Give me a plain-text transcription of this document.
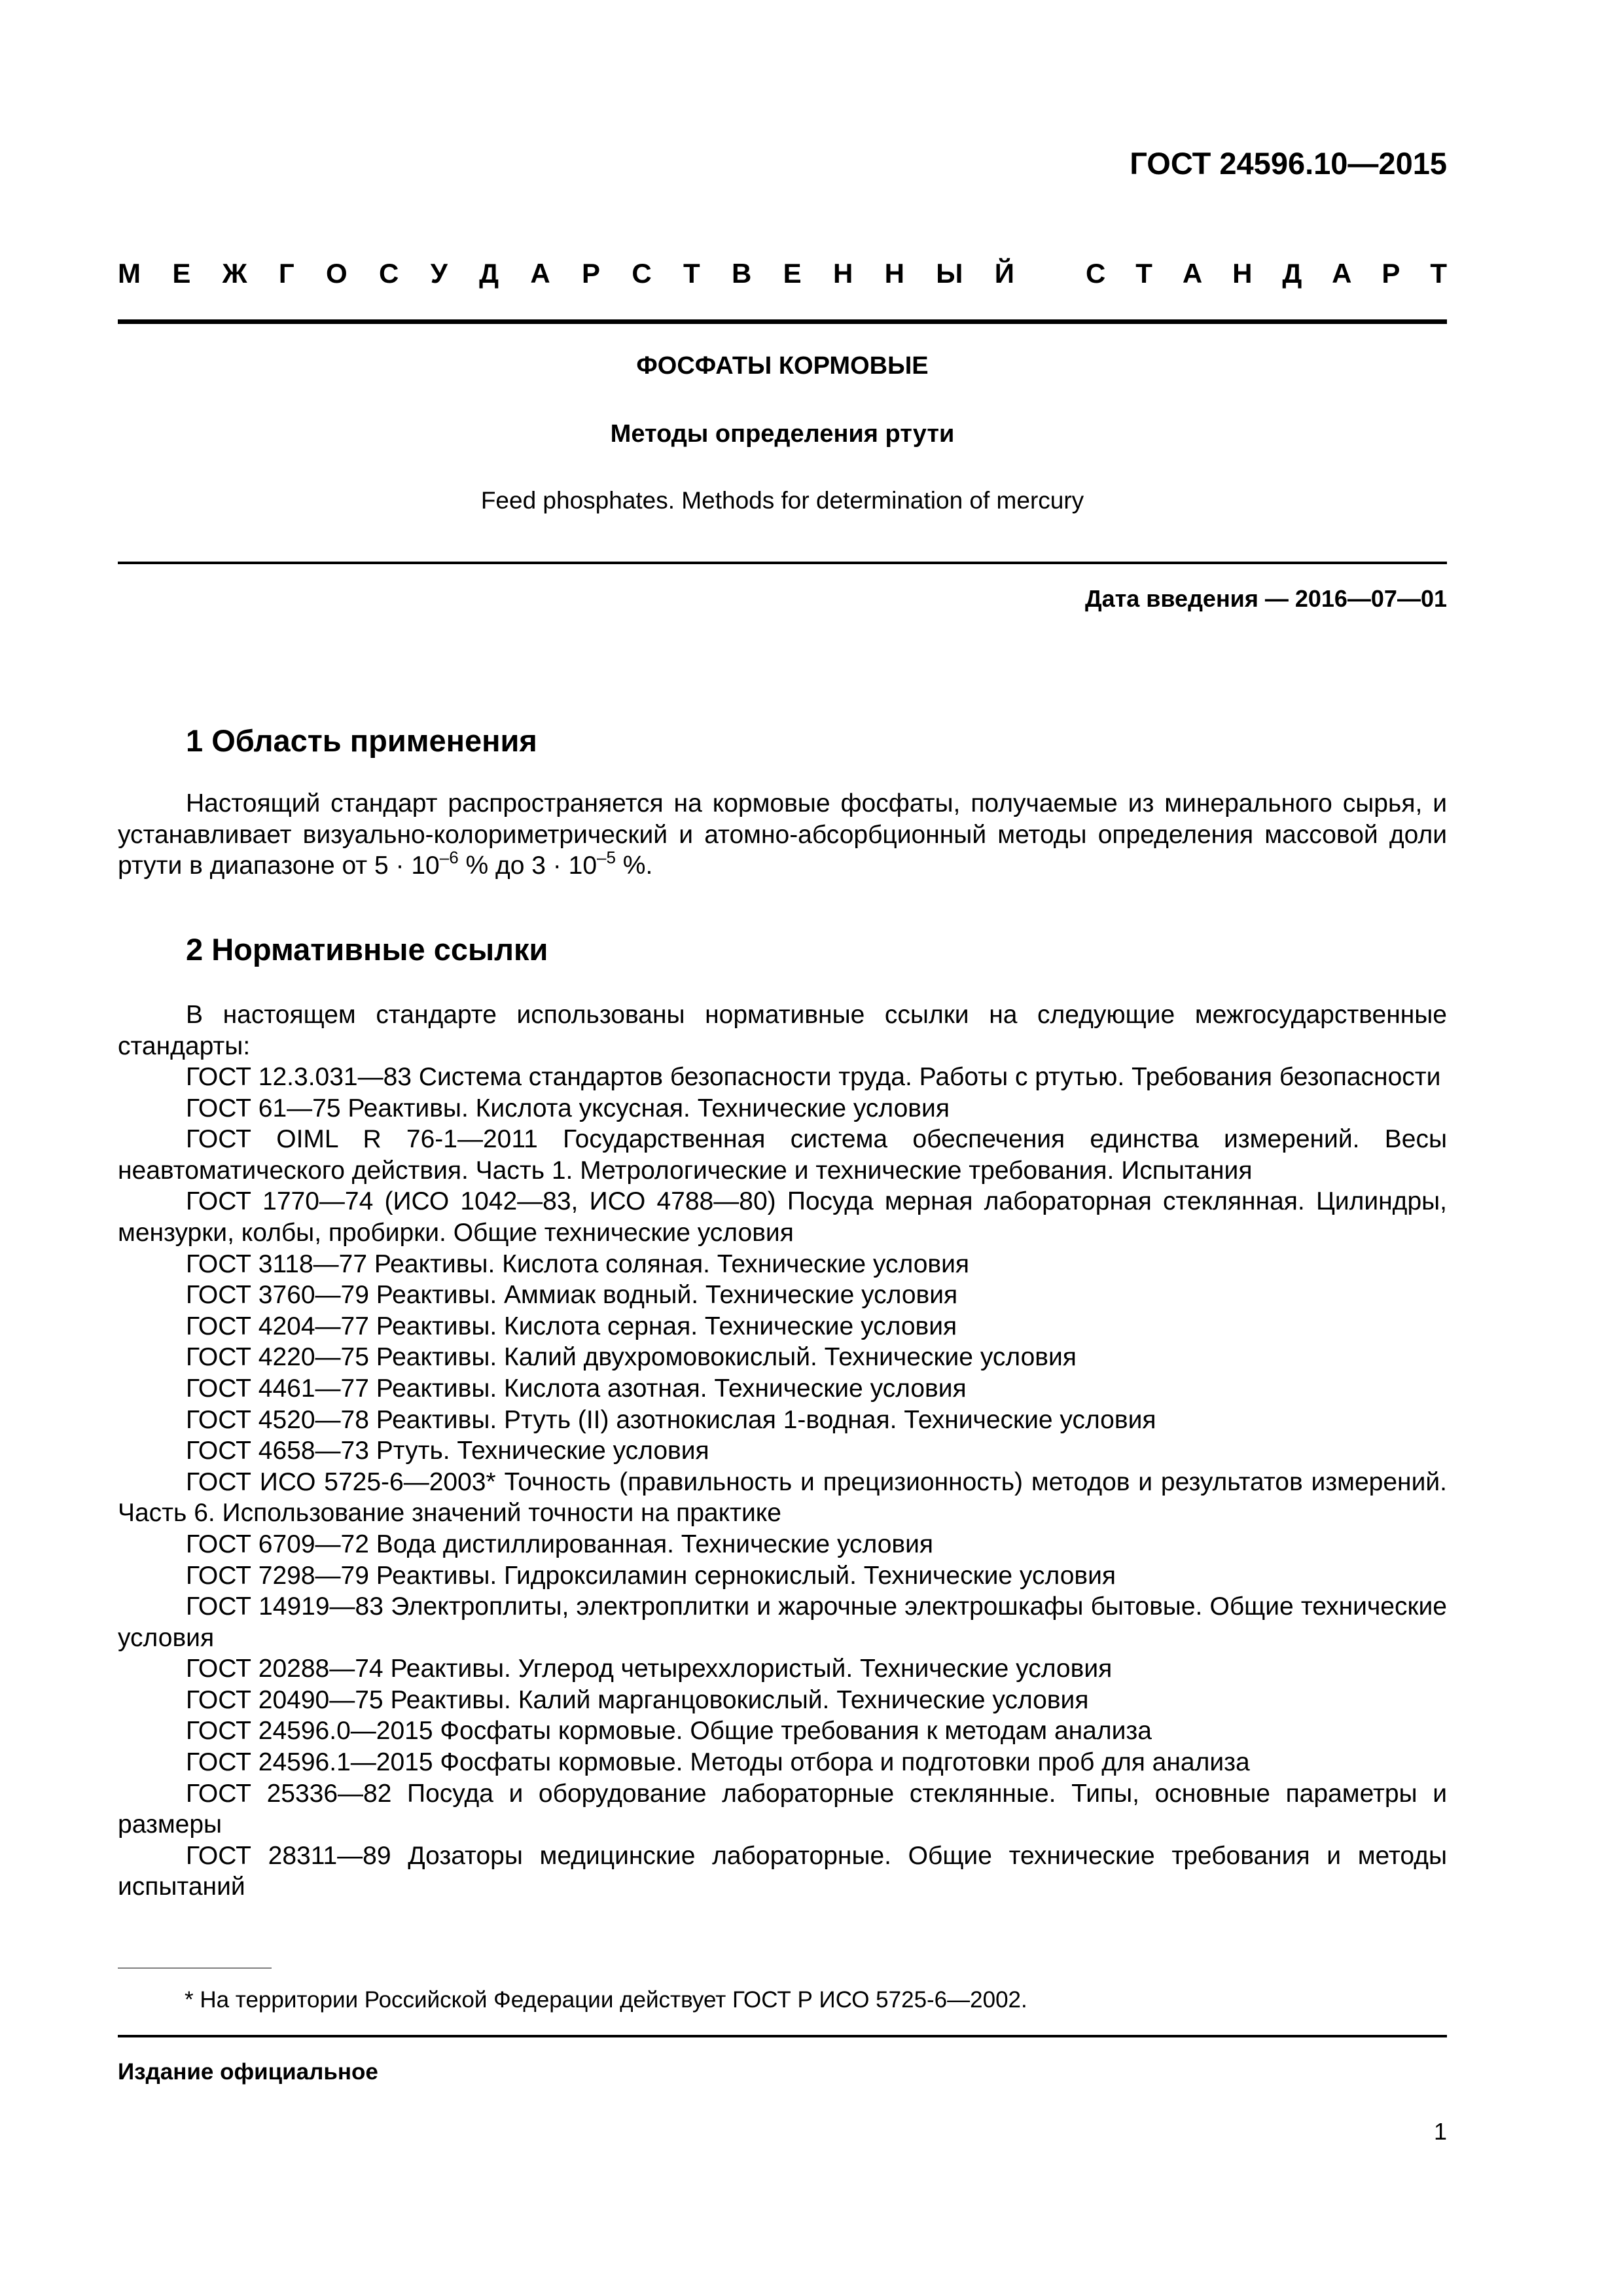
ГОСТ 24596.10—2015
М Е Ж Г О С У Д А Р С Т В Е Н Н Ы Й	С Т А Н Д А Р Т
ФОСФАТЫ КОРМОВЫЕ
Методы определения ртути
Feed phosphates. Methods for determination of mercury
Дата введения — 2016—07—01
1 Область применения

Настоящий стандарт распространяется на кормовые фосфаты, получаемые из минерального сырья, и устанавливает визуально-колориметрический и атомно-абсорбционный методы определения массовой доли ртути в диапазоне от $5 \cdot 10^{-6}$ % до $3 \cdot 10^{-5}$ %.

2 Нормативные ссылки

В настоящем стандарте использованы нормативные ссылки на следующие межгосударственные стандарты:

ГОСТ 12.3.031—83 Система стандартов безопасности труда. Работы с ртутью. Требования безопасности

ГОСТ 61—75 Реактивы. Кислота уксусная. Технические условия

ГОСТ OIML R 76-1—2011 Государственная система обеспечения единства измерений. Весы неавтоматического действия. Часть 1. Метрологические и технические требования. Испытания

ГОСТ 1770—74 (ИСО 1042—83, ИСО 4788—80) Посуда мерная лабораторная стеклянная. Цилиндры, мензурки, колбы, пробирки. Общие технические условия

ГОСТ 3118—77 Реактивы. Кислота соляная. Технические условия

ГОСТ 3760—79 Реактивы. Аммиак водный. Технические условия

ГОСТ 4204—77 Реактивы. Кислота серная. Технические условия

ГОСТ 4220—75 Реактивы. Калий двухромовокислый. Технические условия

ГОСТ 4461—77 Реактивы. Кислота азотная. Технические условия

ГОСТ 4520—78 Реактивы. Ртуть (II) азотнокислая 1-водная. Технические условия

ГОСТ 4658—73 Ртуть. Технические условия

ГОСТ ИСО 5725-6—2003* Точность (правильность и прецизионность) методов и результатов измерений. Часть 6. Использование значений точности на практике

ГОСТ 6709—72 Вода дистиллированная. Технические условия

ГОСТ 7298—79 Реактивы. Гидроксиламин сернокислый. Технические условия

ГОСТ 14919—83 Электроплиты, электроплитки и жарочные электрошкафы бытовые. Общие технические условия

ГОСТ 20288—74 Реактивы. Углерод четыреххлористый. Технические условия

ГОСТ 20490—75 Реактивы. Калий марганцовокислый. Технические условия

ГОСТ 24596.0—2015 Фосфаты кормовые. Общие требования к методам анализа

ГОСТ 24596.1—2015 Фосфаты кормовые. Методы отбора и подготовки проб для анализа

ГОСТ 25336—82 Посуда и оборудование лабораторные стеклянные. Типы, основные параметры и размеры

ГОСТ 28311—89 Дозаторы медицинские лабораторные. Общие технические требования и методы испытаний

* На территории Российской Федерации действует ГОСТ Р ИСО 5725-6—2002.
Издание официальное
1
